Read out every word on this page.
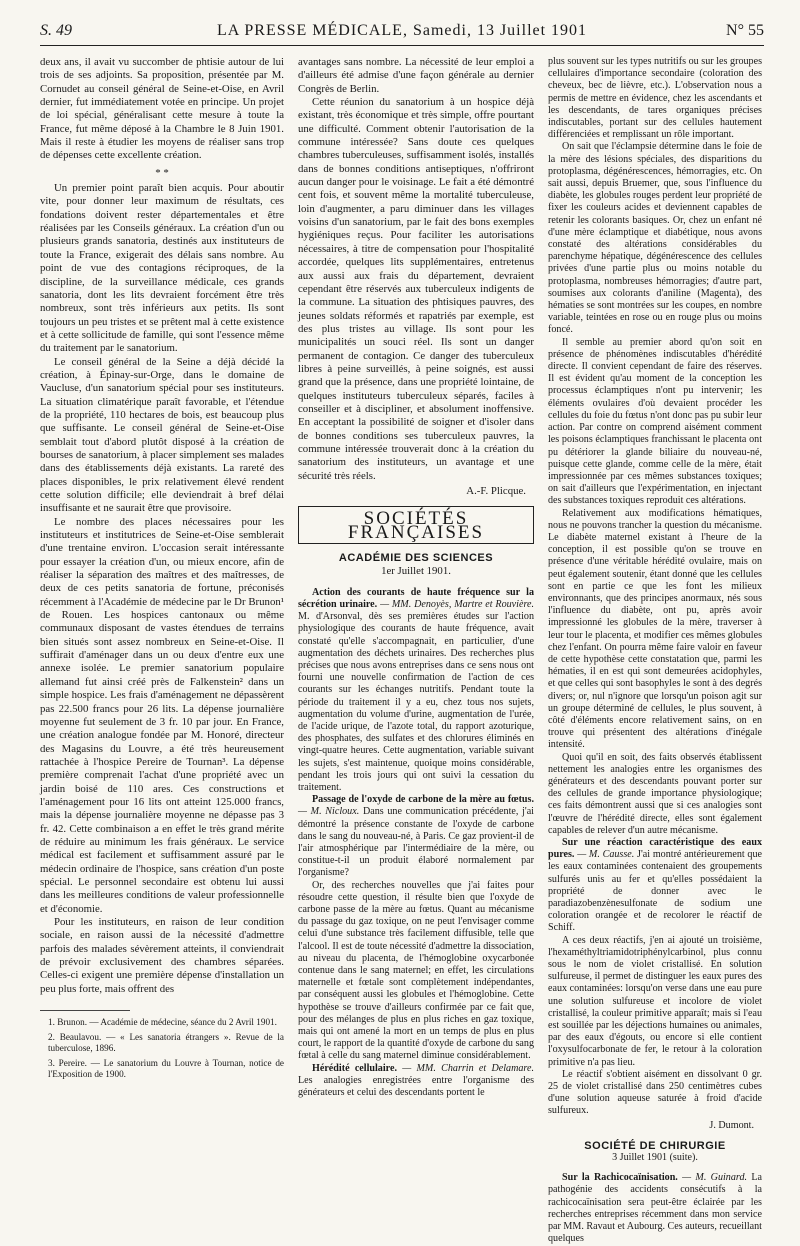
S. 49	LA PRESSE MÉDICALE, Samedi, 13 Juillet 1901	N° 55

deux ans, il avait vu succomber de phtisie autour de lui trois de ses adjoints. Sa proposition, présentée par M. Cornudet au conseil général de Seine-et-Oise, en Avril dernier, fut immédiatement votée en principe. Un projet de loi spécial, généralisant cette mesure à toute la France, fut même déposé à la Chambre le 8 Juin 1901. Mais il reste à étudier les moyens de réaliser sans trop de dépenses cette excellente création.

* *

Un premier point paraît bien acquis. Pour aboutir vite, pour donner leur maximum de résultats, ces fondations doivent rester départementales et être réalisées par les Conseils généraux. La création d'un ou plusieurs grands sanatoria, destinés aux instituteurs de toute la France, exigerait des délais sans nombre. Au point de vue des contagions réciproques, de la discipline, de la surveillance médicale, ces grands sanatoria, dont les lits devraient forcément être très nombreux, sont très inférieurs aux petits. Ils sont toujours un peu tristes et se prêtent mal à cette existence et à cette sollicitude de famille, qui sont l'essence même du traitement par le sanatorium.

Le conseil général de la Seine a déjà décidé la création, à Épinay-sur-Orge, dans le domaine de Vaucluse, d'un sanatorium spécial pour ses instituteurs. La situation climatérique paraît favorable, et l'étendue de la propriété, 110 hectares de bois, est beaucoup plus que suffisante. Le conseil général de Seine-et-Oise semblait tout d'abord plutôt disposé à la création de bourses de sanatorium, à placer simplement ses malades dans des établissements déjà existants. La rareté des places disponibles, le prix relativement élevé rendent cette solution difficile; elle deviendrait à bref délai insuffisante et ne saurait être que provisoire.

Le nombre des places nécessaires pour les instituteurs et institutrices de Seine-et-Oise semblerait d'une trentaine environ. L'occasion serait intéressante pour essayer la création d'un, ou mieux encore, afin de réaliser la séparation des maîtres et des maîtresses, de deux de ces petits sanatoria de fortune, préconisés récemment à l'Académie de médecine par le Dr Brunon¹ de Rouen. Les hospices cantonaux ou même communaux disposant de vastes étendues de terrains bien situés sont assez nombreux en Seine-et-Oise. Il suffirait d'aménager dans un ou deux d'entre eux une annexe isolée. Le premier sanatorium populaire allemand fut ainsi créé près de Falkenstein² dans un simple hospice. Les frais d'aménagement ne dépassèrent pas 22.500 francs pour 26 lits. La dépense journalière moyenne fut seulement de 3 fr. 10 par jour. En France, une création analogue fondée par M. Honoré, directeur des Magasins du Louvre, a été très heureusement rattachée à l'hospice Pereire de Tournan³. La dépense première comprenait l'achat d'une propriété avec un jardin boisé de 110 ares. Ces constructions et l'aménagement pour 16 lits ont atteint 125.000 francs, mais la dépense journalière moyenne ne dépasse pas 3 fr. 42. Cette combinaison a en effet le très grand mérite de réduire au minimum les frais généraux. Le service médical est facilement et suffisamment assuré par le médecin ordinaire de l'hospice, sans création d'un poste spécial. Le personnel secondaire est obtenu lui aussi dans les meilleures conditions de valeur professionnelle et d'économie.

Pour les instituteurs, en raison de leur condition sociale, en raison aussi de la nécessité d'admettre parfois des malades sévèrement atteints, il conviendrait de prévoir exclusivement des chambres séparées. Celles-ci exigent une première dépense d'installation un peu plus forte, mais offrent des

1. Brunon. — Académie de médecine, séance du 2 Avril 1901.

2. Beaulavou. — « Les sanatoria étrangers ». Revue de la tuberculose, 1896.

3. Pereire. — Le sanatorium du Louvre à Tournan, notice de l'Exposition de 1900.

avantages sans nombre. La nécessité de leur emploi a d'ailleurs été admise d'une façon générale au dernier Congrès de Berlin.

Cette réunion du sanatorium à un hospice déjà existant, très économique et très simple, offre pourtant une difficulté. Comment obtenir l'autorisation de la commune intéressée? Sans doute ces quelques chambres tuberculeuses, suffisamment isolés, installés dans de bonnes conditions antiseptiques, n'offriront aucun danger pour le voisinage. Le fait a été démontré cent fois, et souvent même la mortalité tuberculeuse, loin d'augmenter, a paru diminuer dans les villages voisins d'un sanatorium, par le fait des bons exemples hygiéniques reçus. Pour faciliter les autorisations nécessaires, à titre de compensation pour l'hospitalité accordée, quelques lits supplémentaires, entretenus aux aussi aux frais du département, devraient cependant être réservés aux tuberculeux indigents de la commune. La situation des phtisiques pauvres, des jeunes soldats réformés et rapatriés par exemple, est des plus tristes au village. Ils sont pour les municipalités un souci réel. Ils sont un danger permanent de contagion. Ce danger des tuberculeux libres à peine surveillés, à peine soignés, est aussi grand que la présence, dans une propriété lointaine, de quelques instituteurs tuberculeux séparés, faciles à conseiller et à discipliner, et absolument inoffensive. En acceptant la possibilité de soigner et d'isoler dans de bonnes conditions ses tuberculeux pauvres, la commune intéressée trouverait donc à la création du sanatorium des instituteurs, un avantage et une sécurité très réels.

A.-F. Plicque.
SOCIÉTÉS FRANÇAISES
ACADÉMIE DES SCIENCES
1er Juillet 1901.

Action des courants de haute fréquence sur la sécrétion urinaire. — MM. Denoyès, Martre et Rouvière. M. d'Arsonval, dès ses premières études sur l'action physiologique des courants de haute fréquence, avait constaté qu'elle s'accompagnait, en particulier, d'une augmentation des déchets urinaires. Des recherches plus précises que nous avons entreprises dans ce sens nous ont fourni une nouvelle confirmation de l'action de ces courants sur les échanges nutritifs. Pendant toute la période du traitement il y a eu, chez tous nos sujets, augmentation du volume d'urine, augmentation de l'urée, de l'acide urique, de l'azote total, du rapport azoturique, des phosphates, des sulfates et des chlorures éliminés en vingt-quatre heures. Cette augmentation, variable suivant les sujets, s'est maintenue, quoique moins considérable, pendant les trois jours qui ont suivi la cessation du traitement.

Passage de l'oxyde de carbone de la mère au fœtus. — M. Nicloux. Dans une communication précédente, j'ai démontré la présence constante de l'oxyde de carbone dans le sang du nouveau-né, à Paris. Ce gaz provient-il de l'air atmosphérique par l'intermédiaire de la mère, ou constitue-t-il un produit élaboré normalement par l'organisme?

Or, des recherches nouvelles que j'ai faites pour résoudre cette question, il résulte bien que l'oxyde de carbone passe de la mère au fœtus. Quant au mécanisme du passage du gaz toxique, on ne peut l'envisager comme celui d'une substance très facilement diffusible, telle que l'alcool. Il est de toute nécessité d'admettre la dissociation, au niveau du placenta, de l'hémoglobine oxycarbonée contenue dans le sang maternel; en effet, les circulations maternelle et fœtale sont complètement indépendantes, par conséquent aussi les globules et l'hémoglobine. Cette hypothèse se trouve d'ailleurs confirmée par ce fait que, pour des mélanges de plus en plus riches en gaz toxique, mais qui ont amené la mort en un temps de plus en plus court, le rapport de la quantité d'oxyde de carbone du sang fœtal à celle du sang maternel diminue considérablement.

Hérédité cellulaire. — MM. Charrin et Delamare. Les analogies enregistrées entre l'organisme des générateurs et celui des descendants portent le

plus souvent sur les types nutritifs ou sur les groupes cellulaires d'importance secondaire (coloration des cheveux, bec de lièvre, etc.). L'observation nous a permis de mettre en évidence, chez les ascendants et les descendants, de tares organiques précises indiscutables, portant sur des cellules hautement différenciées et remplissant un rôle important.

On sait que l'éclampsie détermine dans le foie de la mère des lésions spéciales, des disparitions du protoplasma, dégénérescences, hémorragies, etc. On sait aussi, depuis Bruemer, que, sous l'influence du diabète, les globules rouges perdent leur propriété de fixer les couleurs acides et deviennent capables de retenir les colorants basiques. Or, chez un enfant né d'une mère éclamptique et diabétique, nous avons constaté des altérations considérables du parenchyme hépatique, dégénérescence des cellules privées d'une partie plus ou moins notable du protoplasma, nombreuses hémorragies; d'autre part, soumises aux colorants d'aniline (Magenta), des hématies se sont montrées sur les coupes, en nombre variable, teintées en rose ou en rouge plus ou moins foncé.

Il semble au premier abord qu'on soit en présence de phénomènes indiscutables d'hérédité directe. Il convient cependant de faire des réserves. Il est évident qu'au moment de la conception les processus éclamptiques n'ont pu intervenir; les éléments ovulaires d'où devaient procéder les cellules du foie du fœtus n'ont donc pas pu subir leur action. Par contre on comprend aisément comment les poisons éclamptiques franchissant le placenta ont pu détériorer la glande biliaire du nouveau-né, puisque cette glande, comme celle de la mère, était impressionnée par ces mêmes substances toxiques; on sait d'ailleurs que l'expérimentation, en injectant des substances toxiques reproduit ces altérations.

Relativement aux modifications hématiques, nous ne pouvons trancher la question du mécanisme. Le diabète maternel existant à l'heure de la conception, il est possible qu'on se trouve en présence d'une véritable hérédité ovulaire, mais on peut également soutenir, étant donné que les cellules sont en partie ce que les font les milieux environnants, que des principes anormaux, nés sous l'influence du diabète, ont pu, après avoir impressionné les globules de la mère, traverser à leur tour le placenta, et modifier ces mêmes globules chez l'enfant. On pourra même faire valoir en faveur de cette hypothèse cette constatation que, parmi les hématies, il en est qui sont demeurées acidophyles, et que celles qui sont basophyles le sont à des degrés divers; or, nul n'ignore que lorsqu'un poison agit sur un groupe déterminé de cellules, le plus souvent, à côté d'éléments encore relativement sains, on en trouve qui présentent des altérations d'inégale intensité.

Quoi qu'il en soit, des faits observés établissent nettement les analogies entre les organismes des générateurs et des descendants pouvant porter sur des cellules de grande importance physiologique; ces faits démontrent aussi que si ces analogies sont l'œuvre de l'hérédité directe, elles sont également capables de relever d'un autre mécanisme.

Sur une réaction caractéristique des eaux pures. — M. Causse. J'ai montré antérieurement que les eaux contaminées contenaient des groupements sulfurés unis au fer et qu'elles possédaient la propriété de donner avec le paradiazobenzènesulfonate de sodium une coloration orangée et de recolorer le réactif de Schiff.

A ces deux réactifs, j'en ai ajouté un troisième, l'hexaméthyltriamidotriphénylcarbinol, plus connu sous le nom de violet cristallisé. En solution sulfureuse, il permet de distinguer les eaux pures des eaux contaminées: lorsqu'on verse dans une eau pure une solution sulfureuse et incolore de violet cristallisé, la couleur primitive apparaît; mais si l'eau est souillée par les déjections humaines ou animales, par des eaux d'égouts, ou encore si elle contient l'oxysulfocarbonate de fer, le retour à la coloration primitive n'a pas lieu.

Le réactif s'obtient aisément en dissolvant 0 gr. 25 de violet cristallisé dans 250 centimètres cubes d'une solution aqueuse saturée à froid d'acide sulfureux.

J. Dumont.
SOCIÉTÉ DE CHIRURGIE
3 Juillet 1901 (suite).

Sur la Rachicocaïnisation. — M. Guinard. La pathogénie des accidents consécutifs à la rachicocaïnisation sera peut-être éclairée par les recherches entreprises récemment dans mon service par MM. Ravaut et Aubourg. Ces auteurs, recueillant quelques
